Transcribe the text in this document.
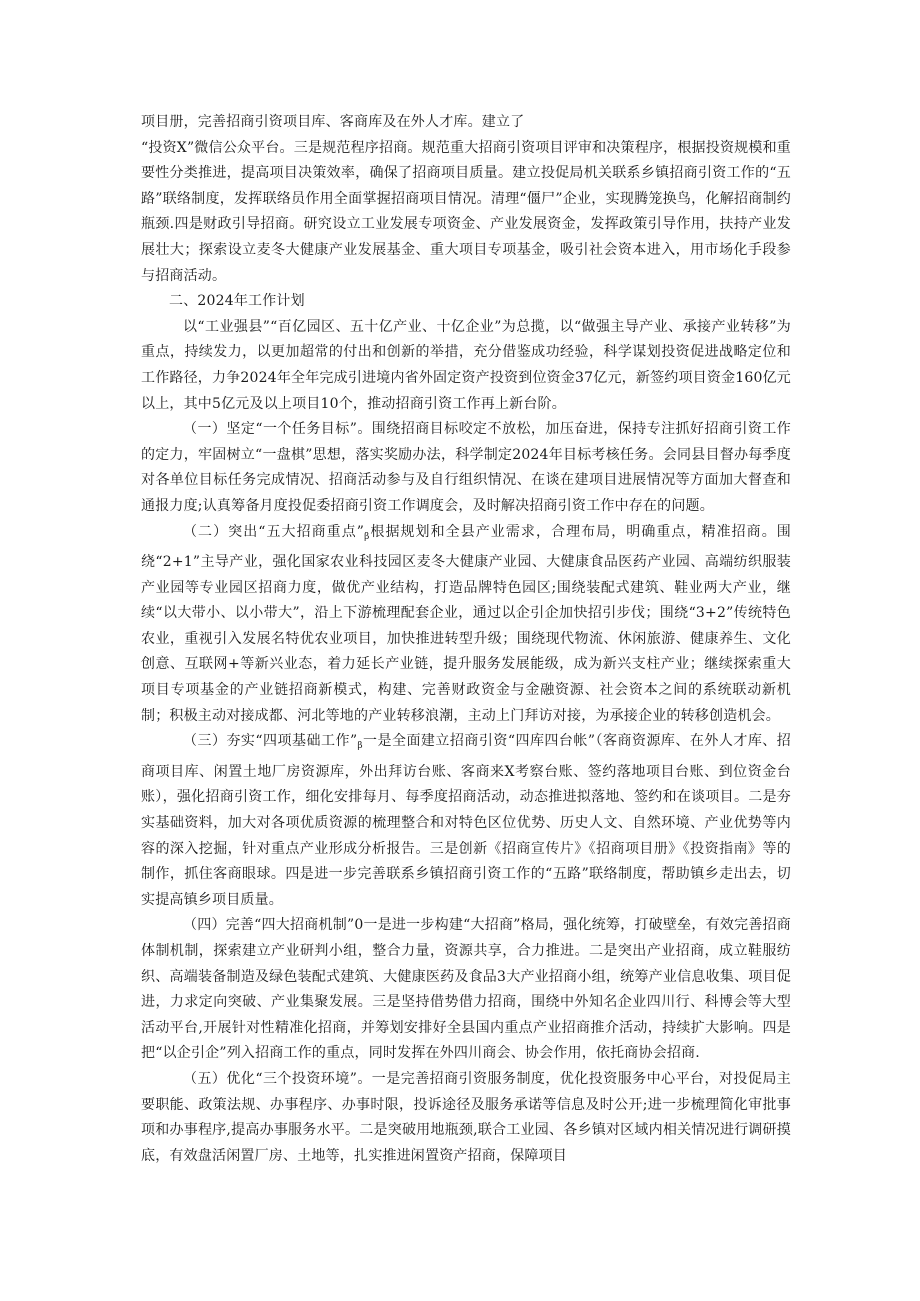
项目册，完善招商引资项目库、客商库及在外人才库。建立了

“投资X”微信公众平台。三是规范程序招商。规范重大招商引资项目评审和决策程序，根据投资规模和重要性分类推进，提高项目决策效率，确保了招商项目质量。建立投促局机关联系乡镇招商引资工作的“五路”联络制度，发挥联络员作用全面掌握招商项目情况。清理“僵尸”企业，实现腾笼换鸟，化解招商制约瓶颈.四是财政引导招商。研究设立工业发展专项资金、产业发展资金，发挥政策引导作用，扶持产业发展壮大；探索设立麦冬大健康产业发展基金、重大项目专项基金，吸引社会资本进入，用市场化手段参与招商活动。

二、2024年工作计划

以“工业强县”“百亿园区、五十亿产业、十亿企业”为总揽，以“做强主导产业、承接产业转移”为重点，持续发力，以更加超常的付出和创新的举措，充分借鉴成功经验，科学谋划投资促进战略定位和工作路径，力争2024年全年完成引进境内省外固定资产投资到位资金37亿元，新签约项目资金160亿元以上，其中5亿元及以上项目10个，推动招商引资工作再上新台阶。

（一）坚定“一个任务目标”。围绕招商目标咬定不放松，加压奋进，保持专注抓好招商引资工作的定力，牢固树立“一盘棋”思想，落实奖励办法，科学制定2024年目标考核任务。会同县目督办每季度对各单位目标任务完成情况、招商活动参与及自行组织情况、在谈在建项目进展情况等方面加大督查和通报力度;认真筹备月度投促委招商引资工作调度会，及时解决招商引资工作中存在的问题。

（二）突出“五大招商重点$”_\beta$根据规划和全县产业需求，合理布局，明确重点，精准招商。围绕“2+1”主导产业，强化国家农业科技园区麦冬大健康产业园、大健康食品医药产业园、高端纺织服装产业园等专业园区招商力度，做优产业结构，打造品牌特色园区;围绕装配式建筑、鞋业两大产业，继续“以大带小、以小带大”，沿上下游梳理配套企业，通过以企引企加快招引步伐；围绕“3+2”传统特色农业，重视引入发展名特优农业项目，加快推进转型升级；围绕现代物流、休闲旅游、健康养生、文化创意、互联网+等新兴业态，着力延长产业链，提升服务发展能级，成为新兴支柱产业；继续探索重大项目专项基金的产业链招商新模式，构建、完善财政资金与金融资源、社会资本之间的系统联动新机制；积极主动对接成都、河北等地的产业转移浪潮，主动上门拜访对接，为承接企业的转移创造机会。

（三）夯实“四项基础工作$”_\beta$一是全面建立招商引资“四库四台帐”（客商资源库、在外人才库、招商项目库、闲置土地厂房资源库，外出拜访台账、客商来X考察台账、签约落地项目台账、到位资金台账），强化招商引资工作，细化安排每月、每季度招商活动，动态推进拟落地、签约和在谈项目。二是夯实基础资料，加大对各项优质资源的梳理整合和对特色区位优势、历史人文、自然环境、产业优势等内容的深入挖掘，针对重点产业形成分析报告。三是创新《招商宣传片》《招商项目册》《投资指南》等的制作，抓住客商眼球。四是进一步完善联系乡镇招商引资工作的“五路”联络制度，帮助镇乡走出去，切实提高镇乡项目质量。

（四）完善“四大招商机制”0一是进一步构建“大招商”格局，强化统筹，打破壁垒，有效完善招商体制机制，探索建立产业研判小组，整合力量，资源共享，合力推进。二是突出产业招商，成立鞋服纺织、高端装备制造及绿色装配式建筑、大健康医药及食品3大产业招商小组，统筹产业信息收集、项目促进，力求定向突破、产业集聚发展。三是坚持借势借力招商，围绕中外知名企业四川行、科博会等大型活动平台,开展针对性精准化招商，并筹划安排好全县国内重点产业招商推介活动，持续扩大影响。四是把“以企引企”列入招商工作的重点，同时发挥在外四川商会、协会作用，依托商协会招商.

（五）优化“三个投资环境”。一是完善招商引资服务制度，优化投资服务中心平台，对投促局主要职能、政策法规、办事程序、办事时限，投诉途径及服务承诺等信息及时公开;进一步梳理简化审批事项和办事程序,提高办事服务水平。二是突破用地瓶颈,联合工业园、各乡镇对区域内相关情况进行调研摸底，有效盘活闲置厂房、土地等，扎实推进闲置资产招商，保障项目
